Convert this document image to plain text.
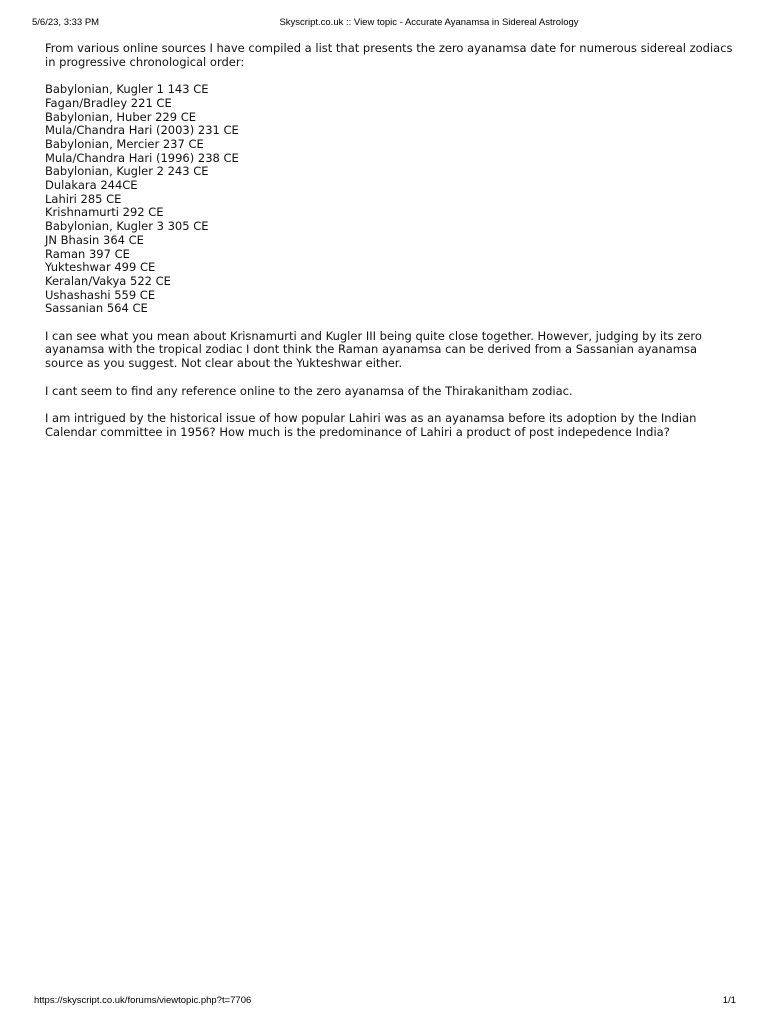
5/6/23, 3:33 PM	Skyscript.co.uk :: View topic - Accurate Ayanamsa in Sidereal Astrology

From various online sources I have compiled a list that presents the zero ayanamsa date for numerous sidereal zodiacs in progressive chronological order:

Babylonian, Kugler 1 143 CE
Fagan/Bradley 221 CE
Babylonian, Huber 229 CE
Mula/Chandra Hari (2003) 231 CE
Babylonian, Mercier 237 CE
Mula/Chandra Hari (1996) 238 CE
Babylonian, Kugler 2 243 CE
Dulakara 244CE
Lahiri 285 CE
Krishnamurti 292 CE
Babylonian, Kugler 3 305 CE
JN Bhasin 364 CE
Raman 397 CE
Yukteshwar 499 CE
Keralan/Vakya 522 CE
Ushashashi 559 CE
Sassanian 564 CE

I can see what you mean about Krisnamurti and Kugler III being quite close together. However, judging by its zero ayanamsa with the tropical zodiac I dont think the Raman ayanamsa can be derived from a Sassanian ayanamsa source as you suggest. Not clear about the Yukteshwar either.

I cant seem to find any reference online to the zero ayanamsa of the Thirakanitham zodiac.

I am intrigued by the historical issue of how popular Lahiri was as an ayanamsa before its adoption by the Indian Calendar committee in 1956? How much is the predominance of Lahiri a product of post indepedence India?

https://skyscript.co.uk/forums/viewtopic.php?t=7706	1/1
